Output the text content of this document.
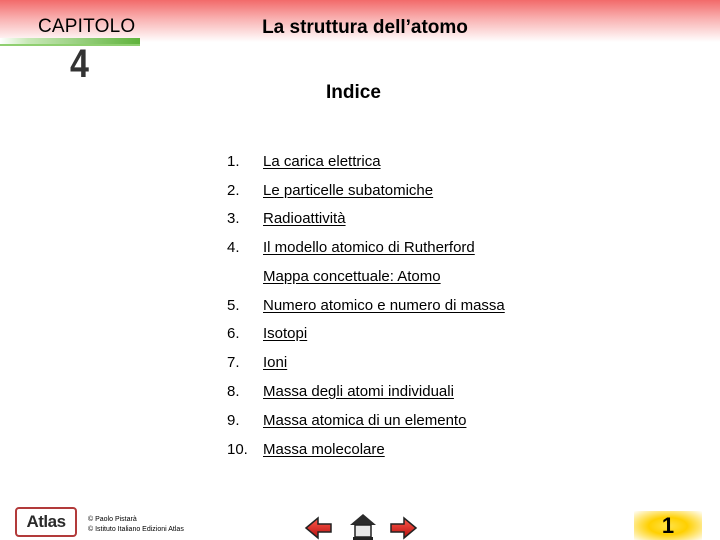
CAPITOLO
4
La struttura dell’atomo
Indice
1. La carica elettrica
2. Le particelle subatomiche
3. Radioattività
4. Il modello atomico di Rutherford
Mappa concettuale: Atomo
5. Numero atomico e numero di massa
6. Isotopi
7. Ioni
8. Massa degli atomi individuali
9. Massa atomica di un elemento
10. Massa molecolare
Atlas	© Paolo Pistarà
© Istituto Italiano Edizioni Atlas	1
